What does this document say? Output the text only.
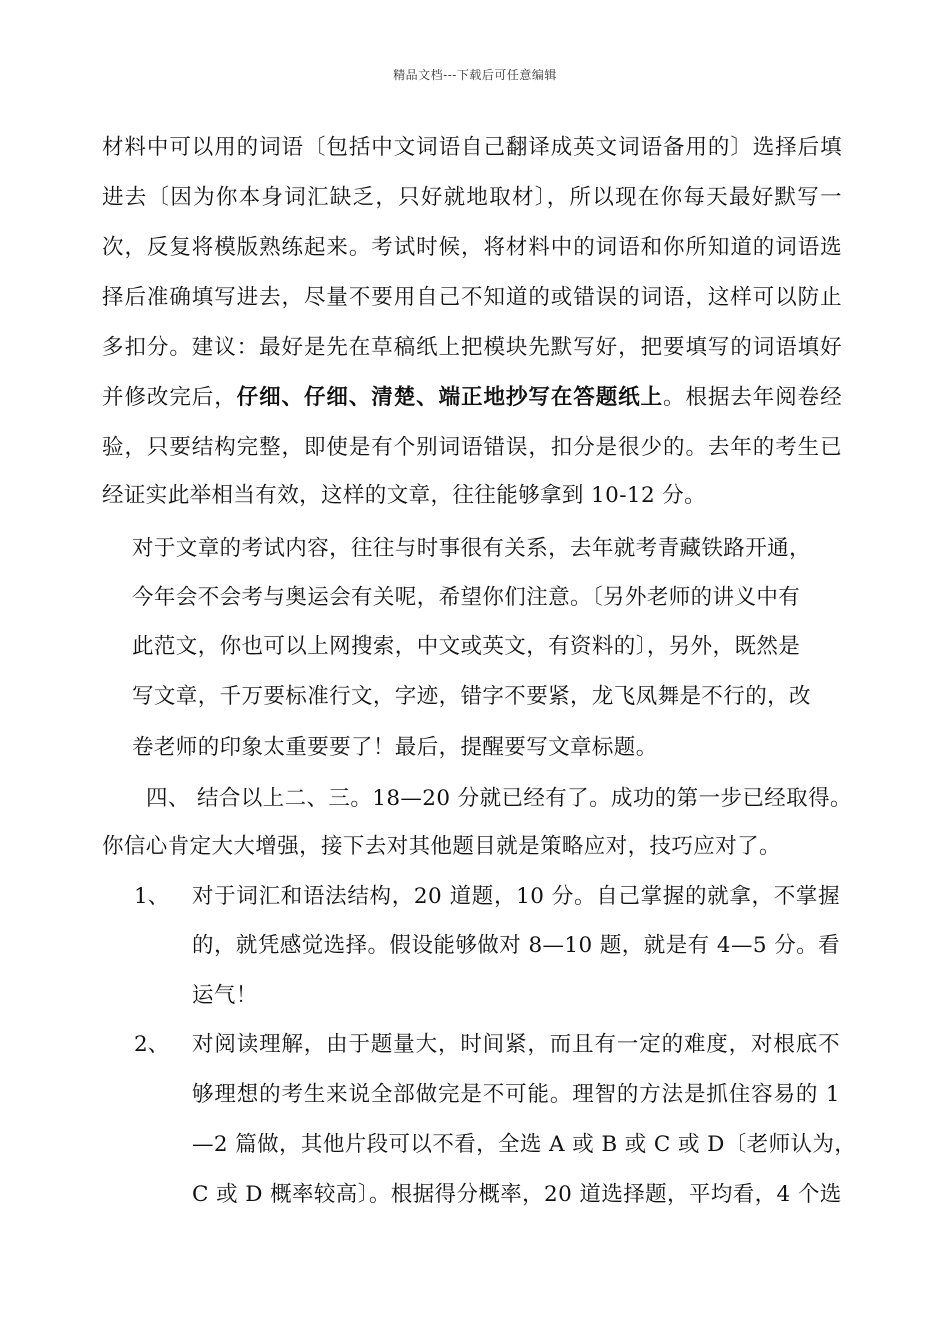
精品文档---下载后可任意编辑
材料中可以用的词语〔包括中文词语自己翻译成英文词语备用的〕选择后填
进去〔因为你本身词汇缺乏，只好就地取材〕，所以现在你每天最好默写一
次，反复将模版熟练起来。考试时候，将材料中的词语和你所知道的词语选
择后准确填写进去，尽量不要用自己不知道的或错误的词语，这样可以防止
多扣分。建议：最好是先在草稿纸上把模块先默写好，把要填写的词语填好
并修改完后，仔细、仔细、清楚、端正地抄写在答题纸上。根据去年阅卷经
验，只要结构完整，即使是有个别词语错误，扣分是很少的。去年的考生已
经证实此举相当有效，这样的文章，往往能够拿到 10-12 分。
对于文章的考试内容，往往与时事很有关系，去年就考青藏铁路开通，
今年会不会考与奥运会有关呢，希望你们注意。〔另外老师的讲义中有
此范文，你也可以上网搜索，中文或英文，有资料的〕，另外，既然是
写文章，千万要标准行文，字迹，错字不要紧，龙飞凤舞是不行的，改
卷老师的印象太重要要了！最后，提醒要写文章标题。
四、 结合以上二、三。18—20 分就已经有了。成功的第一步已经取得。
你信心肯定大大增强，接下去对其他题目就是策略应对，技巧应对了。
1、 对于词汇和语法结构，20 道题，10 分。自己掌握的就拿，不掌握
的，就凭感觉选择。假设能够做对 8—10 题，就是有 4—5 分。看
运气！
2、 对阅读理解，由于题量大，时间紧，而且有一定的难度，对根底不
够理想的考生来说全部做完是不可能。理智的方法是抓住容易的 1
—2 篇做，其他片段可以不看，全选 A 或 B 或 C 或 D〔老师认为，
C 或 D 概率较高〕。根据得分概率，20 道选择题，平均看，4 个选
